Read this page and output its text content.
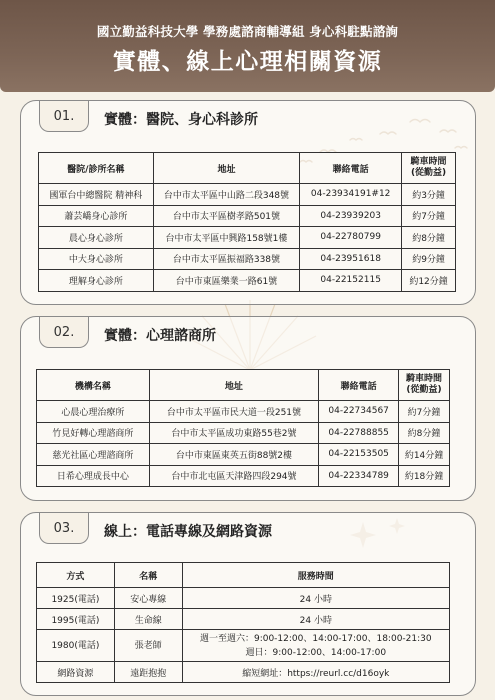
國立勤益科技大學 學務處諮商輔導組 身心科駐點諮詢
實體、線上心理相關資源
01.	實體：醫院、身心科診所
醫院/診所名稱	地址	聯絡電話	騎車時間
(從勤益)
國軍台中總醫院 精神科	台中市太平區中山路二段348號	04-23934191#12	約3分鐘
蕭芸嶠身心診所	台中市太平區樹孝路501號	04-23939203	約7分鐘
晨心身心診所	台中市太平區中興路158號1樓	04-22780799	約8分鐘
中大身心診所	台中市太平區振福路338號	04-23951618	約9分鐘
理解身心診所	台中市東區樂業一路61號	04-22152115	約12分鐘
02.	實體：心理諮商所
機構名稱	地址	聯絡電話	騎車時間
(從勤益)
心晨心理治療所	台中市太平區市民大道一段251號	04-22734567	約7分鐘
竹見好轉心理諮商所	台中市太平區成功東路55巷2號	04-22788855	約8分鐘
慈光社區心理諮商所	台中市東區東英五街88號2樓	04-22153505	約14分鐘
日希心理成長中心	台中市北屯區天津路四段294號	04-22334789	約18分鐘
03.	線上：電話專線及網路資源
方式	名稱	服務時間
1925(電話)	安心專線	24 小時
1995(電話)	生命線	24 小時
1980(電話)	張老師	週一至週六：9:00-12:00、14:00-17:00、18:00-21:30
週日：9:00-12:00、14:00-17:00
網路資源	遠距抱抱	縮短網址：https://reurl.cc/d16oyk
